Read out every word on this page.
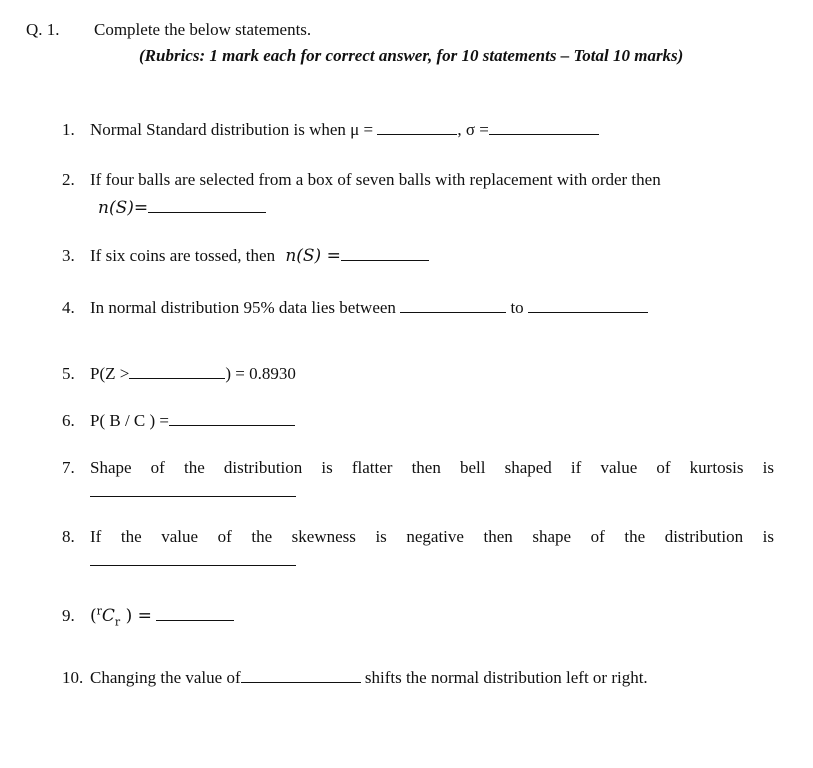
Q. 1. Complete the below statements.
(Rubrics: 1 mark each for correct answer, for 10 statements – Total 10 marks)
1. Normal Standard distribution is when μ =	, σ =
2. If four balls are selected from a box of seven balls with replacement with order then
n(S)=
3. If six coins are tossed, then n(S) =
4. In normal distribution 95% data lies between	to
5. P(Z >	) = 0.8930
6. P( B / C ) =
7. Shape of the distribution is flatter then bell shaped if value of kurtosis is
8. If the value of the skewness is negative then shape of the distribution is
9. ($^rC_r$ ) =
10. Changing the value of	shifts the normal distribution left or right.
